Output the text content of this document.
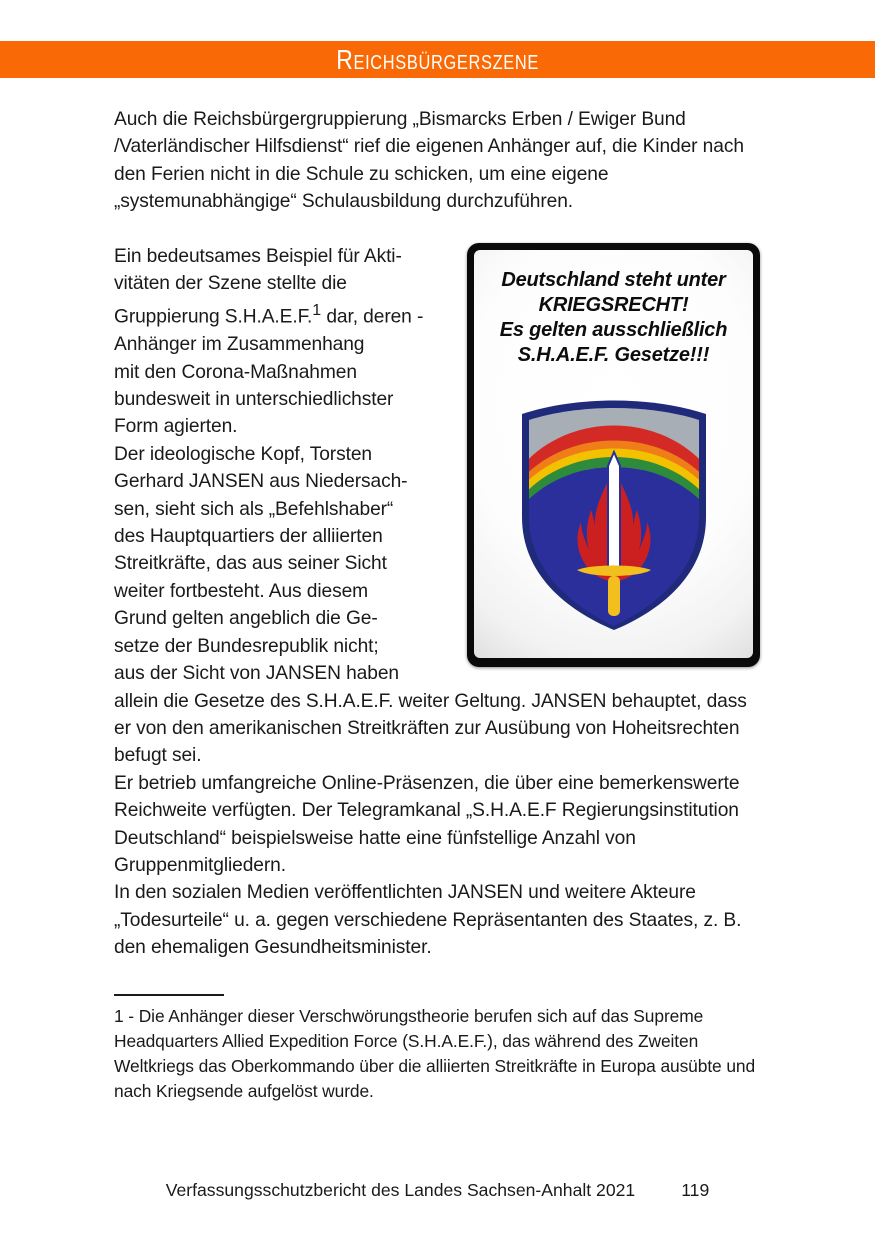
Reichsbürgerszene

Auch die Reichsbürgergruppierung „Bismarcks Erben / Ewiger Bund /Vaterländischer Hilfsdienst“ rief die eigenen Anhänger auf, die Kinder nach den Ferien nicht in die Schule zu schicken, um eine eigene „systemunabhängige“ Schulausbildung durchzuführen.

Deutschland steht unter
KRIEGSRECHT!
Es gelten ausschließlich
S.H.A.E.F. Gesetze!!!

Ein bedeutsames Beispiel für Akti-

vitäten der Szene stellte die

Gruppierung S.H.A.E.F.$^1$ dar, deren -

Anhänger im Zusammenhang

mit den Corona-Maßnahmen

bundesweit in unterschiedlichster

Form agierten.

Der ideologische Kopf, Torsten

Gerhard JANSEN aus Niedersach-

sen, sieht sich als „Befehlshaber“

des Hauptquartiers der alliierten

Streitkräfte, das aus seiner Sicht

weiter fortbesteht. Aus diesem

Grund gelten angeblich die Ge-

setze der Bundesrepublik nicht;

aus der Sicht von JANSEN haben

allein die Gesetze des S.H.A.E.F. weiter Geltung. JANSEN behauptet, dass er von den amerikanischen Streitkräften zur Ausübung von Hoheitsrechten befugt sei.

Er betrieb umfangreiche Online-Präsenzen, die über eine bemerkenswerte Reichweite verfügten. Der Telegramkanal „S.H.A.E.F Regierungsinstitution Deutschland“ beispielsweise hatte eine fünfstellige Anzahl von Gruppenmitgliedern.

In den sozialen Medien veröffentlichten JANSEN und weitere Akteure „Todesurteile“ u. a. gegen verschiedene Repräsentanten des Staates, z. B. den ehemaligen Gesundheitsminister.

1 - Die Anhänger dieser Verschwörungstheorie berufen sich auf das Supreme Headquarters Allied Expedition Force (S.H.A.E.F.), das während des Zweiten Weltkriegs das Oberkommando über die alliierten Streitkräfte in Europa ausübte und nach Kriegsende aufgelöst wurde.

Verfassungsschutzbericht des Landes Sachsen-Anhalt 2021	119
